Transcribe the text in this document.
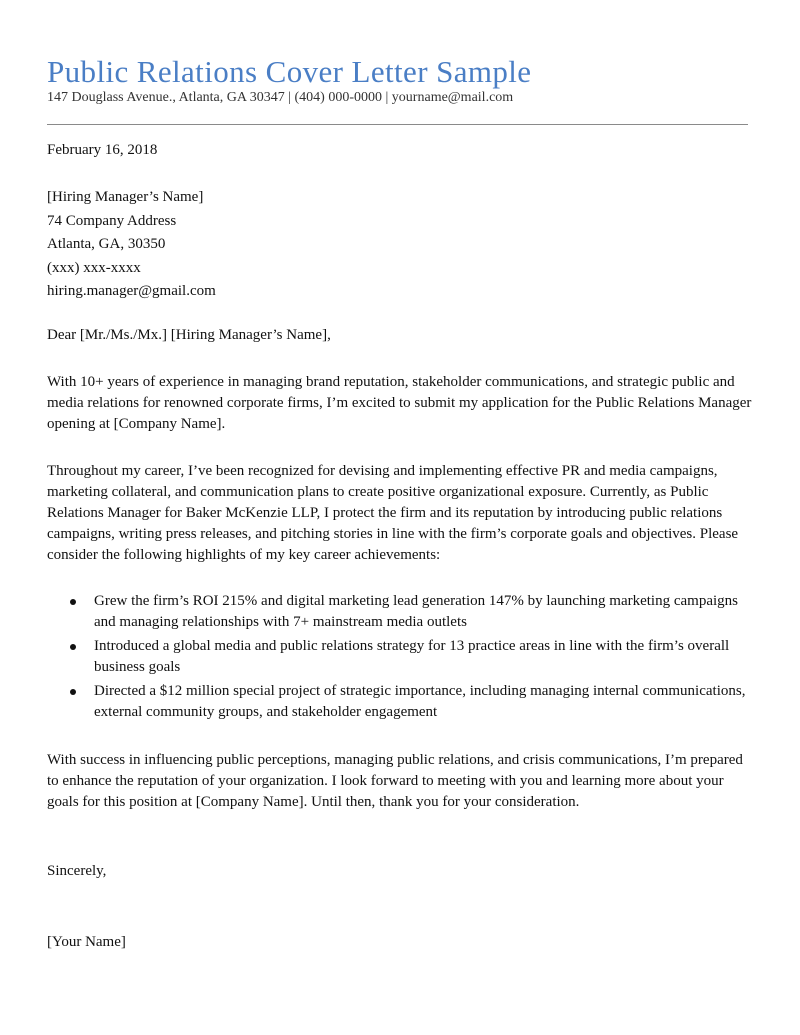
Public Relations Cover Letter Sample
147 Douglass Avenue., Atlanta, GA 30347 | (404) 000-0000 | yourname@mail.com
February 16, 2018
[Hiring Manager’s Name]
74 Company Address
Atlanta, GA, 30350
(xxx) xxx-xxxx
hiring.manager@gmail.com
Dear [Mr./Ms./Mx.] [Hiring Manager’s Name],
With 10+ years of experience in managing brand reputation, stakeholder communications, and strategic public and media relations for renowned corporate firms, I’m excited to submit my application for the Public Relations Manager opening at [Company Name].
Throughout my career, I’ve been recognized for devising and implementing effective PR and media campaigns, marketing collateral, and communication plans to create positive organizational exposure. Currently, as Public Relations Manager for Baker McKenzie LLP, I protect the firm and its reputation by introducing public relations campaigns, writing press releases, and pitching stories in line with the firm’s corporate goals and objectives. Please consider the following highlights of my key career achievements:
Grew the firm’s ROI 215% and digital marketing lead generation 147% by launching marketing campaigns and managing relationships with 7+ mainstream media outlets
Introduced a global media and public relations strategy for 13 practice areas in line with the firm’s overall business goals
Directed a $12 million special project of strategic importance, including managing internal communications, external community groups, and stakeholder engagement
With success in influencing public perceptions, managing public relations, and crisis communications, I’m prepared to enhance the reputation of your organization. I look forward to meeting with you and learning more about your goals for this position at [Company Name]. Until then, thank you for your consideration.
Sincerely,
[Your Name]
